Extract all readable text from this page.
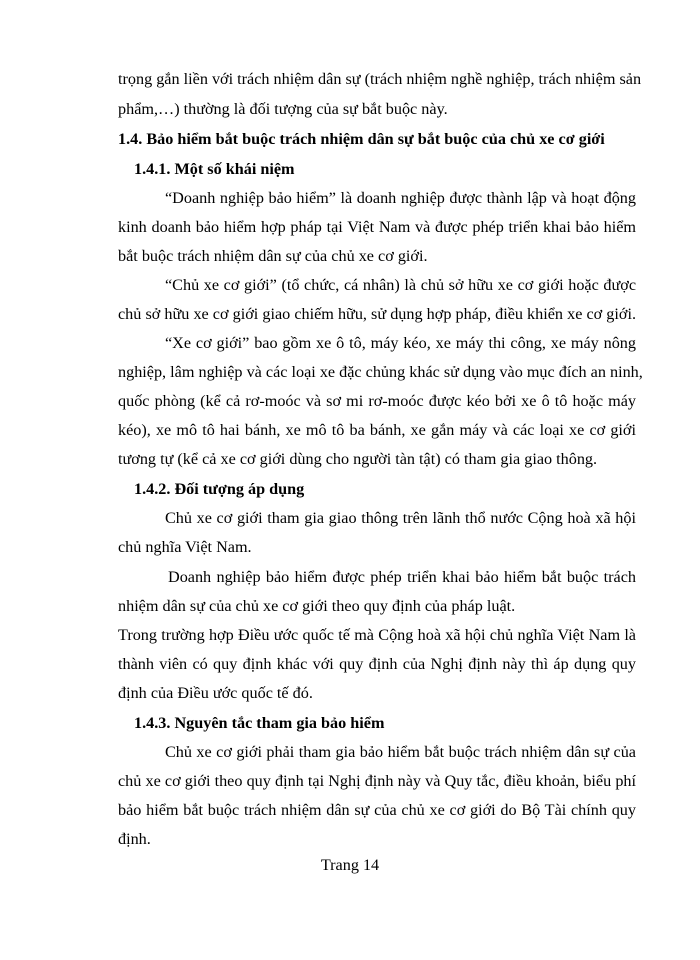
trọng gắn liền với trách nhiệm dân sự (trách nhiệm nghề nghiệp, trách nhiệm sản
phẩm,…) thường là đối tượng của sự bắt buộc này.
1.4. Bảo hiểm bắt buộc trách nhiệm dân sự bắt buộc của chủ xe cơ giới
1.4.1. Một số khái niệm
“Doanh nghiệp bảo hiểm” là doanh nghiệp được thành lập và hoạt động
kinh doanh bảo hiểm hợp pháp tại Việt Nam và được phép triển khai bảo hiểm
bắt buộc trách nhiệm dân sự của chủ xe cơ giới.
“Chủ xe cơ giới” (tổ chức, cá nhân) là chủ sở hữu xe cơ giới hoặc được
chủ sở hữu xe cơ giới giao chiếm hữu, sử dụng hợp pháp, điều khiển xe cơ giới.
“Xe cơ giới” bao gồm xe ô tô, máy kéo, xe máy thi công, xe máy nông
nghiệp, lâm nghiệp và các loại xe đặc chủng khác sử dụng vào mục đích an ninh,
quốc phòng (kể cả rơ-moóc và sơ mi rơ-moóc được kéo bởi xe ô tô hoặc máy
kéo), xe mô tô hai bánh, xe mô tô ba bánh, xe gắn máy và các loại xe cơ giới
tương tự (kể cả xe cơ giới dùng cho người tàn tật) có tham gia giao thông.
1.4.2. Đối tượng áp dụng
Chủ xe cơ giới tham gia giao thông trên lãnh thổ nước Cộng hoà xã hội
chủ nghĩa Việt Nam.
Doanh nghiệp bảo hiểm được phép triển khai bảo hiểm bắt buộc trách
nhiệm dân sự của chủ xe cơ giới theo quy định của pháp luật.
Trong trường hợp Điều ước quốc tế mà Cộng hoà xã hội chủ nghĩa Việt Nam là
thành viên có quy định khác với quy định của Nghị định này thì áp dụng quy
định của Điều ước quốc tế đó.
1.4.3. Nguyên tắc tham gia bảo hiểm
Chủ xe cơ giới phải tham gia bảo hiểm bắt buộc trách nhiệm dân sự của
chủ xe cơ giới theo quy định tại Nghị định này và Quy tắc, điều khoản, biểu phí
bảo hiểm bắt buộc trách nhiệm dân sự của chủ xe cơ giới do Bộ Tài chính quy
định.
Trang 14
